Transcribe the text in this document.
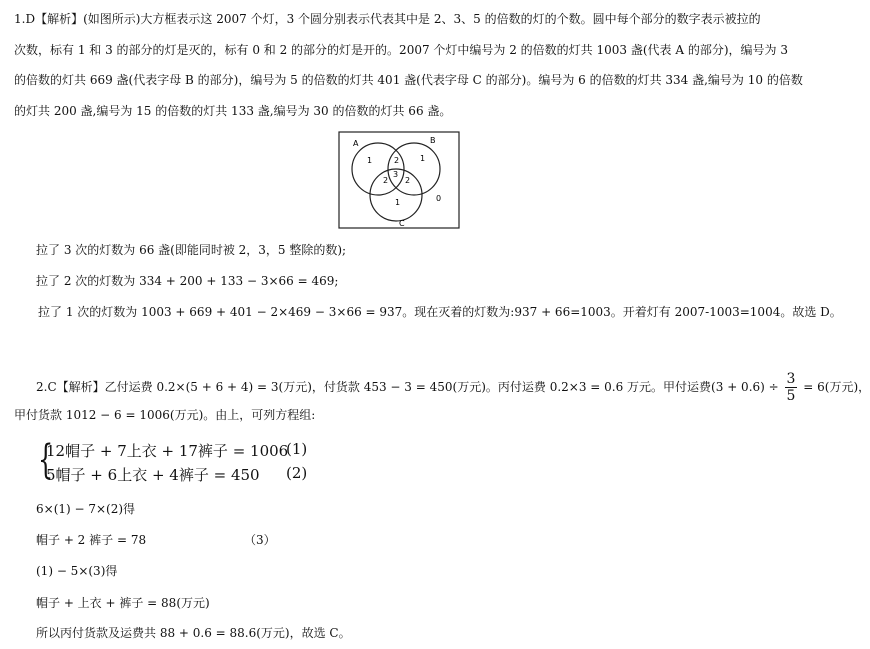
1.D【解析】(如图所示)大方框表示这 2007 个灯，3 个圆分别表示代表其中是 2、3、5 的倍数的灯的个数。圆中每个部分的数字表示被拉的
次数，标有 1 和 3 的部分的灯是灭的，标有 0 和 2 的部分的灯是开的。2007 个灯中编号为 2 的倍数的灯共 1003 盏(代表 A 的部分)，编号为 3
的倍数的灯共 669 盏(代表字母 B 的部分)，编号为 5 的倍数的灯共 401 盏(代表字母 C 的部分)。编号为 6 的倍数的灯共 334 盏,编号为 10 的倍数
的灯共 200 盏,编号为 15 的倍数的灯共 133 盏,编号为 30 的倍数的灯共 66 盏。
A	B
C
1	2	1
2
3
2
1	0
拉了 3 次的灯数为 66 盏(即能同时被 2，3，5 整除的数);
拉了 2 次的灯数为 334 + 200 + 133 − 3×66 = 469;
拉了 1 次的灯数为 1003 + 669 + 401 − 2×469 − 3×66 = 937。现在灭着的灯数为:937 + 66=1003。开着灯有 2007-1003=1004。故选 D。
2.C【解析】乙付运费 0.2×(5 + 6 + 4) = 3(万元)，付货款 453 − 3 = 450(万元)。丙付运费 0.2×3 = 0.6 万元。甲付运费$(3 + 0.6) \div \frac{3}{5} = 6$(万元)，
甲付货款 1012 − 6 = 1006(万元)。由上，可列方程组:
{
12帽子 + 7上衣 + 17裤子 = 1006
(1)
5帽子 + 6上衣 + 4裤子 = 450 (2)
6×(1) − 7×(2)得
帽子 + 2 裤子 = 78	（3）
(1) − 5×(3)得
帽子 + 上衣 + 裤子 = 88(万元)
所以丙付货款及运费共 88 + 0.6 = 88.6(万元)，故选 C。
